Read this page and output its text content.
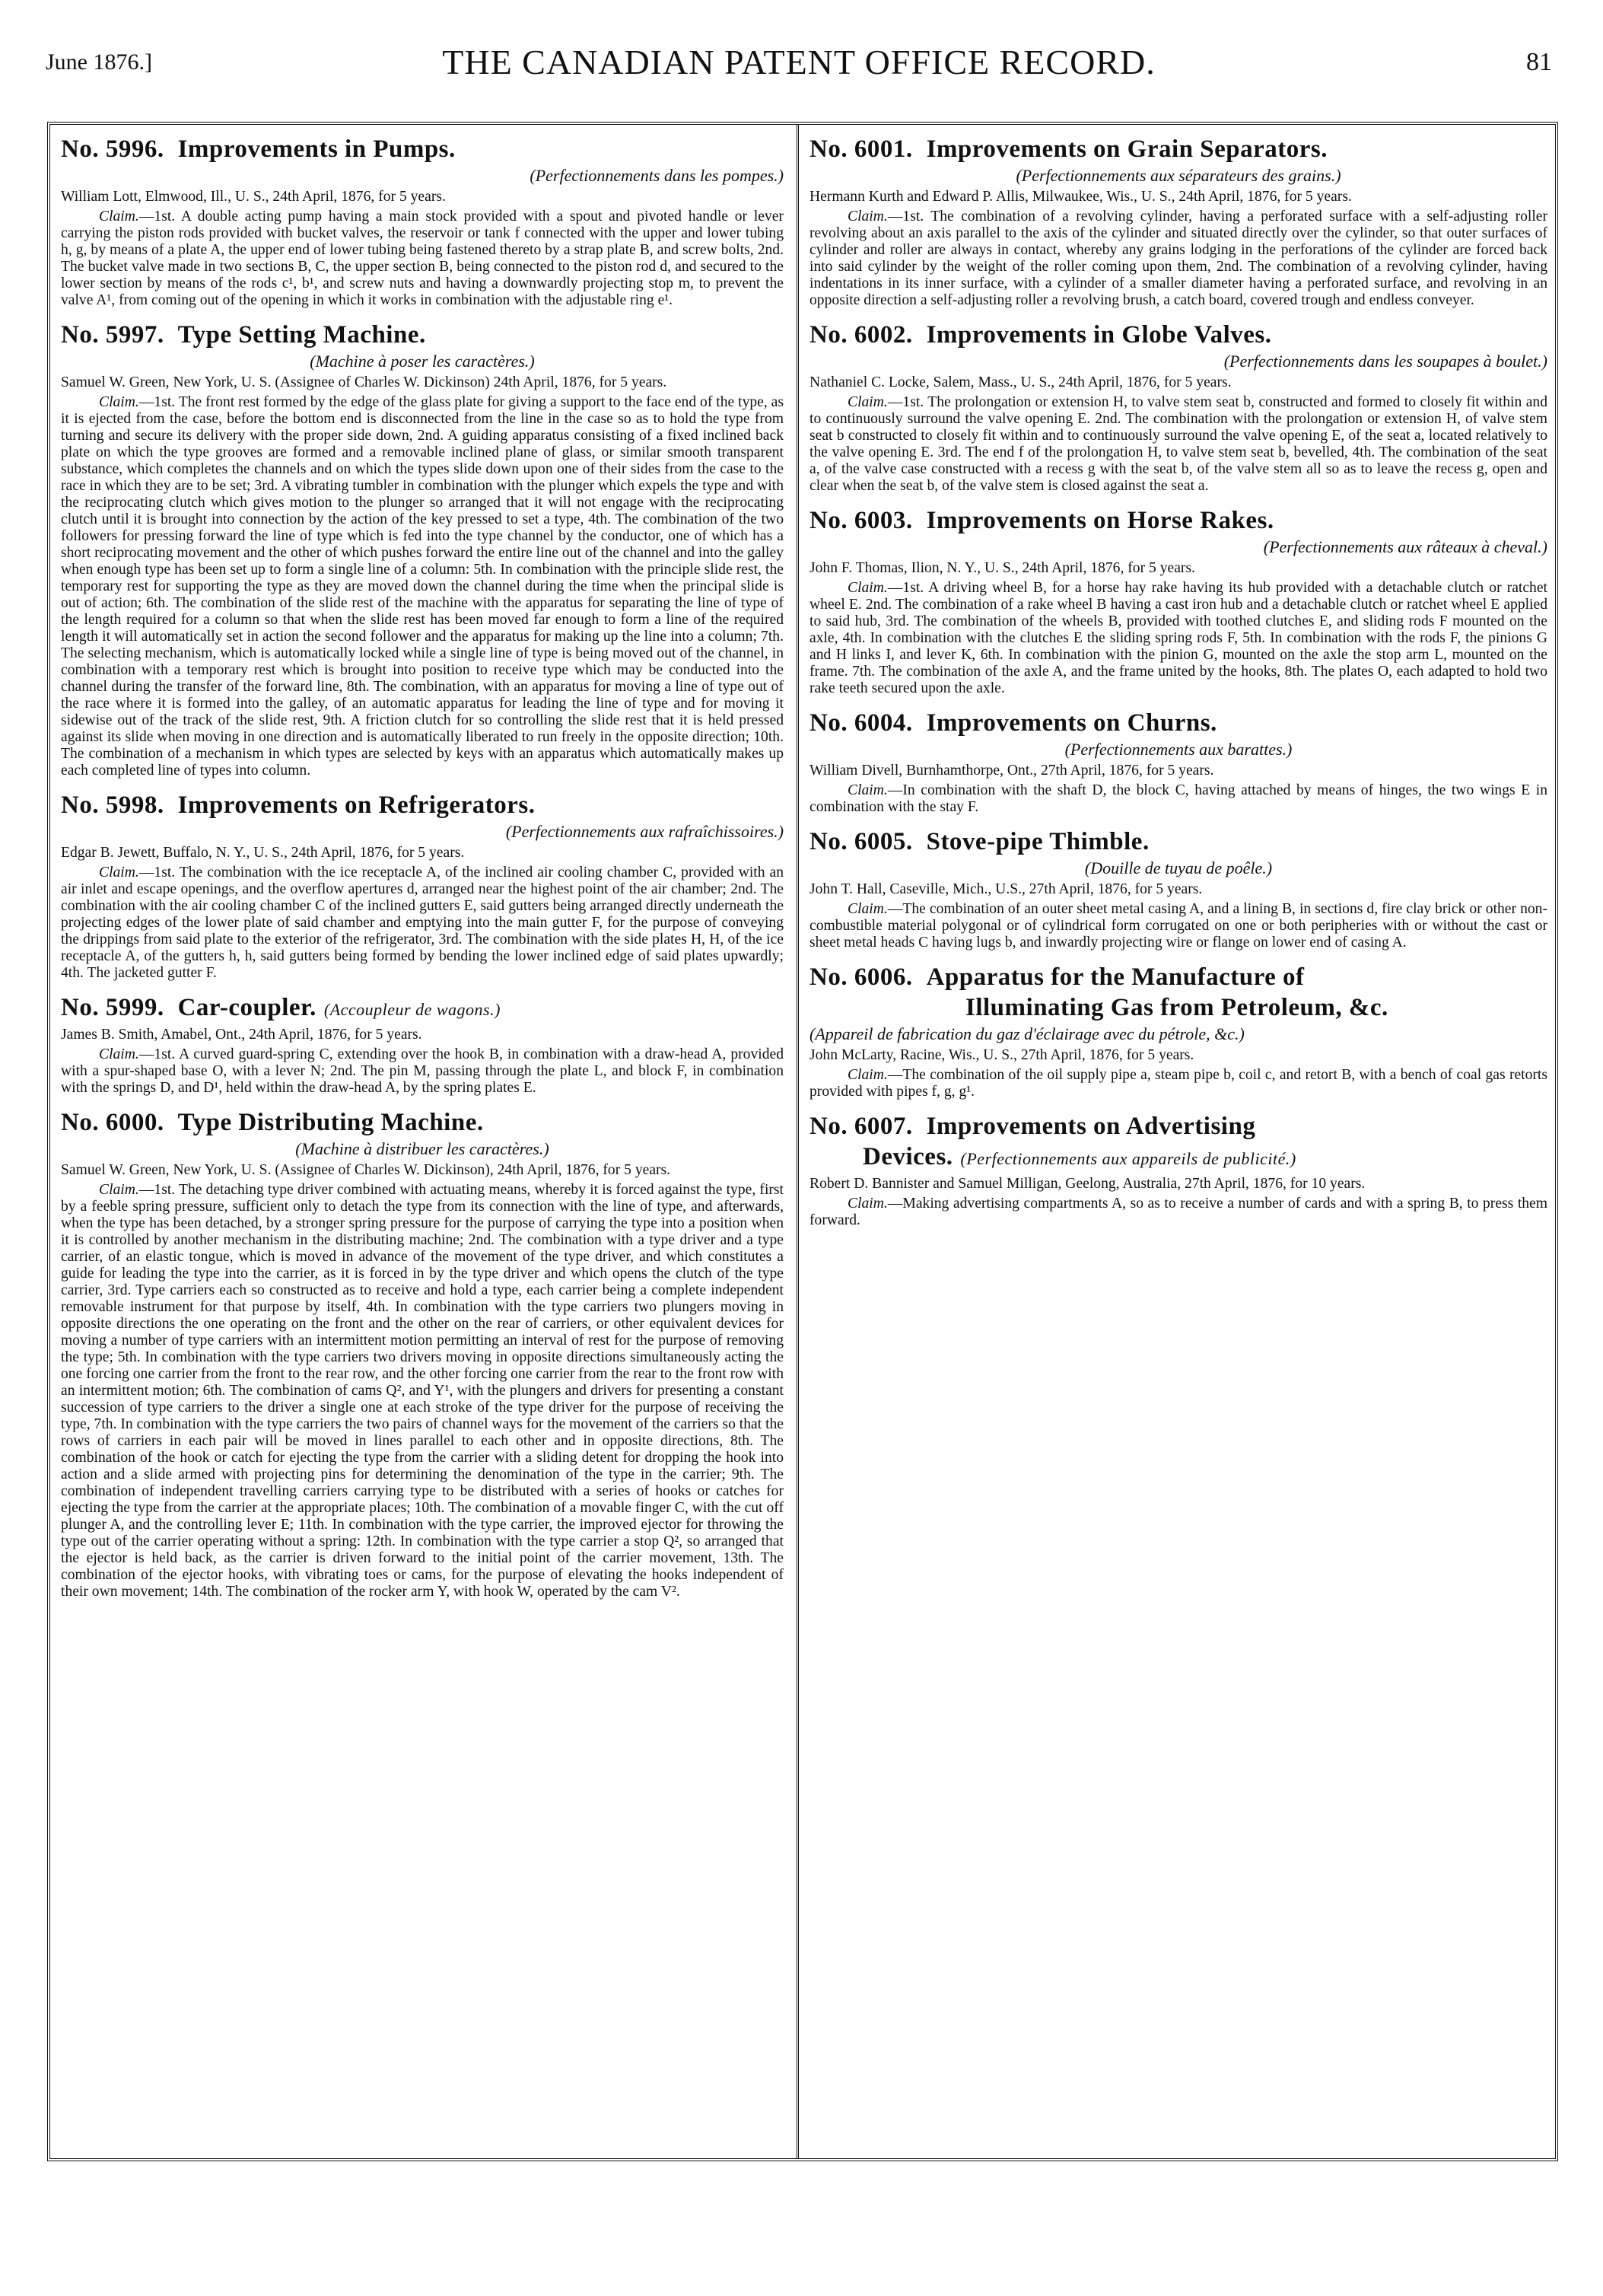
June 1876.]	THE CANADIAN PATENT OFFICE RECORD.	81
No. 5996. Improvements in Pumps.
(Perfectionnements dans les pompes.)
William Lott, Elmwood, Ill., U. S., 24th April, 1876, for 5 years.

Claim.—1st. A double acting pump having a main stock provided with a spout and pivoted handle or lever carrying the piston rods provided with bucket valves, the reservoir or tank f connected with the upper and lower tubing h, g, by means of a plate A, the upper end of lower tubing being fastened thereto by a strap plate B, and screw bolts, 2nd. The bucket valve made in two sections B, C, the upper section B, being connected to the piston rod d, and secured to the lower section by means of the rods c¹, b¹, and screw nuts and having a downwardly projecting stop m, to prevent the valve A¹, from coming out of the opening in which it works in combination with the adjustable ring e¹.

No. 5997. Type Setting Machine.
(Machine à poser les caractères.)
Samuel W. Green, New York, U. S. (Assignee of Charles W. Dickinson) 24th April, 1876, for 5 years.

Claim.—1st. The front rest formed by the edge of the glass plate for giving a support to the face end of the type, as it is ejected from the case, before the bottom end is disconnected from the line in the case so as to hold the type from turning and secure its delivery with the proper side down, 2nd. A guiding apparatus consisting of a fixed inclined back plate on which the type grooves are formed and a removable inclined plane of glass, or similar smooth transparent substance, which completes the channels and on which the types slide down upon one of their sides from the case to the race in which they are to be set; 3rd. A vibrating tumbler in combination with the plunger which expels the type and with the reciprocating clutch which gives motion to the plunger so arranged that it will not engage with the reciprocating clutch until it is brought into connection by the action of the key pressed to set a type, 4th. The combination of the two followers for pressing forward the line of type which is fed into the type channel by the conductor, one of which has a short reciprocating movement and the other of which pushes forward the entire line out of the channel and into the galley when enough type has been set up to form a single line of a column: 5th. In combination with the principle slide rest, the temporary rest for supporting the type as they are moved down the channel during the time when the principal slide is out of action; 6th. The combination of the slide rest of the machine with the apparatus for separating the line of type of the length required for a column so that when the slide rest has been moved far enough to form a line of the required length it will automatically set in action the second follower and the apparatus for making up the line into a column; 7th. The selecting mechanism, which is automatically locked while a single line of type is being moved out of the channel, in combination with a temporary rest which is brought into position to receive type which may be conducted into the channel during the transfer of the forward line, 8th. The combination, with an apparatus for moving a line of type out of the race where it is formed into the galley, of an automatic apparatus for leading the line of type and for moving it sidewise out of the track of the slide rest, 9th. A friction clutch for so controlling the slide rest that it is held pressed against its slide when moving in one direction and is automatically liberated to run freely in the opposite direction; 10th. The combination of a mechanism in which types are selected by keys with an apparatus which automatically makes up each completed line of types into column.

No. 5998. Improvements on Refrigerators.
(Perfectionnements aux rafraîchissoires.)
Edgar B. Jewett, Buffalo, N. Y., U. S., 24th April, 1876, for 5 years.

Claim.—1st. The combination with the ice receptacle A, of the inclined air cooling chamber C, provided with an air inlet and escape openings, and the overflow apertures d, arranged near the highest point of the air chamber; 2nd. The combination with the air cooling chamber C of the inclined gutters E, said gutters being arranged directly underneath the projecting edges of the lower plate of said chamber and emptying into the main gutter F, for the purpose of conveying the drippings from said plate to the exterior of the refrigerator, 3rd. The combination with the side plates H, H, of the ice receptacle A, of the gutters h, h, said gutters being formed by bending the lower inclined edge of said plates upwardly; 4th. The jacketed gutter F.

No. 5999. Car-coupler. (Accoupleur de wagons.)
James B. Smith, Amabel, Ont., 24th April, 1876, for 5 years.

Claim.—1st. A curved guard-spring C, extending over the hook B, in combination with a draw-head A, provided with a spur-shaped base O, with a lever N; 2nd. The pin M, passing through the plate L, and block F, in combination with the springs D, and D¹, held within the draw-head A, by the spring plates E.

No. 6000. Type Distributing Machine.
(Machine à distribuer les caractères.)
Samuel W. Green, New York, U. S. (Assignee of Charles W. Dickinson), 24th April, 1876, for 5 years.

Claim.—1st. The detaching type driver combined with actuating means, whereby it is forced against the type, first by a feeble spring pressure, sufficient only to detach the type from its connection with the line of type, and afterwards, when the type has been detached, by a stronger spring pressure for the purpose of carrying the type into a position when it is controlled by another mechanism in the distributing machine; 2nd. The combination with a type driver and a type carrier, of an elastic tongue, which is moved in advance of the movement of the type driver, and which constitutes a guide for leading the type into the carrier, as it is forced in by the type driver and which opens the clutch of the type carrier, 3rd. Type carriers each so constructed as to receive and hold a type, each carrier being a complete independent removable instrument for that purpose by itself, 4th. In combination with the type carriers two plungers moving in opposite directions the one operating on the front and the other on the rear of carriers, or other equivalent devices for moving a number of type carriers with an intermittent motion permitting an interval of rest for the purpose of removing the type; 5th. In combination with the type carriers two drivers moving in opposite directions simultaneously acting the one forcing one carrier from the front to the rear row, and the other forcing one carrier from the rear to the front row with an intermittent motion; 6th. The combination of cams Q², and Y¹, with the plungers and drivers for presenting a constant succession of type carriers to the driver a single one at each stroke of the type driver for the purpose of receiving the type, 7th. In combination with the type carriers the two pairs of channel ways for the movement of the carriers so that the rows of carriers in each pair will be moved in lines parallel to each other and in opposite directions, 8th. The combination of the hook or catch for ejecting the type from the carrier with a sliding detent for dropping the hook into action and a slide armed with projecting pins for determining the denomination of the type in the carrier; 9th. The combination of independent travelling carriers carrying type to be distributed with a series of hooks or catches for ejecting the type from the carrier at the appropriate places; 10th. The combination of a movable finger C, with the cut off plunger A, and the controlling lever E; 11th. In combination with the type carrier, the improved ejector for throwing the type out of the carrier operating without a spring: 12th. In combination with the type carrier a stop Q², so arranged that the ejector is held back, as the carrier is driven forward to the initial point of the carrier movement, 13th. The combination of the ejector hooks, with vibrating toes or cams, for the purpose of elevating the hooks independent of their own movement; 14th. The combination of the rocker arm Y, with hook W, operated by the cam V².

No. 6001. Improvements on Grain Separators.
(Perfectionnements aux séparateurs des grains.)
Hermann Kurth and Edward P. Allis, Milwaukee, Wis., U. S., 24th April, 1876, for 5 years.

Claim.—1st. The combination of a revolving cylinder, having a perforated surface with a self-adjusting roller revolving about an axis parallel to the axis of the cylinder and situated directly over the cylinder, so that outer surfaces of cylinder and roller are always in contact, whereby any grains lodging in the perforations of the cylinder are forced back into said cylinder by the weight of the roller coming upon them, 2nd. The combination of a revolving cylinder, having indentations in its inner surface, with a cylinder of a smaller diameter having a perforated surface, and revolving in an opposite direction a self-adjusting roller a revolving brush, a catch board, covered trough and endless conveyer.

No. 6002. Improvements in Globe Valves.
(Perfectionnements dans les soupapes à boulet.)
Nathaniel C. Locke, Salem, Mass., U. S., 24th April, 1876, for 5 years.

Claim.—1st. The prolongation or extension H, to valve stem seat b, constructed and formed to closely fit within and to continuously surround the valve opening E. 2nd. The combination with the prolongation or extension H, of valve stem seat b constructed to closely fit within and to continuously surround the valve opening E, of the seat a, located relatively to the valve opening E. 3rd. The end f of the prolongation H, to valve stem seat b, bevelled, 4th. The combination of the seat a, of the valve case constructed with a recess g with the seat b, of the valve stem all so as to leave the recess g, open and clear when the seat b, of the valve stem is closed against the seat a.

No. 6003. Improvements on Horse Rakes.
(Perfectionnements aux râteaux à cheval.)
John F. Thomas, Ilion, N. Y., U. S., 24th April, 1876, for 5 years.

Claim.—1st. A driving wheel B, for a horse hay rake having its hub provided with a detachable clutch or ratchet wheel E. 2nd. The combination of a rake wheel B having a cast iron hub and a detachable clutch or ratchet wheel E applied to said hub, 3rd. The combination of the wheels B, provided with toothed clutches E, and sliding rods F mounted on the axle, 4th. In combination with the clutches E the sliding spring rods F, 5th. In combination with the rods F, the pinions G and H links I, and lever K, 6th. In combination with the pinion G, mounted on the axle the stop arm L, mounted on the frame. 7th. The combination of the axle A, and the frame united by the hooks, 8th. The plates O, each adapted to hold two rake teeth secured upon the axle.

No. 6004. Improvements on Churns.
(Perfectionnements aux barattes.)
William Divell, Burnhamthorpe, Ont., 27th April, 1876, for 5 years.

Claim.—In combination with the shaft D, the block C, having attached by means of hinges, the two wings E in combination with the stay F.

No. 6005. Stove-pipe Thimble.
(Douille de tuyau de poêle.)
John T. Hall, Caseville, Mich., U.S., 27th April, 1876, for 5 years.

Claim.—The combination of an outer sheet metal casing A, and a lining B, in sections d, fire clay brick or other non-combustible material polygonal or of cylindrical form corrugated on one or both peripheries with or without the cast or sheet metal heads C having lugs b, and inwardly projecting wire or flange on lower end of casing A.

No. 6006. Apparatus for the Manufacture of
Illuminating Gas from Petroleum, &c.
(Appareil de fabrication du gaz d'éclairage avec du pétrole, &c.)
John McLarty, Racine, Wis., U. S., 27th April, 1876, for 5 years.

Claim.—The combination of the oil supply pipe a, steam pipe b, coil c, and retort B, with a bench of coal gas retorts provided with pipes f, g, g¹.

No. 6007. Improvements on Advertising
Devices. (Perfectionnements aux appareils de publicité.)
Robert D. Bannister and Samuel Milligan, Geelong, Australia, 27th April, 1876, for 10 years.

Claim.—Making advertising compartments A, so as to receive a number of cards and with a spring B, to press them forward.
